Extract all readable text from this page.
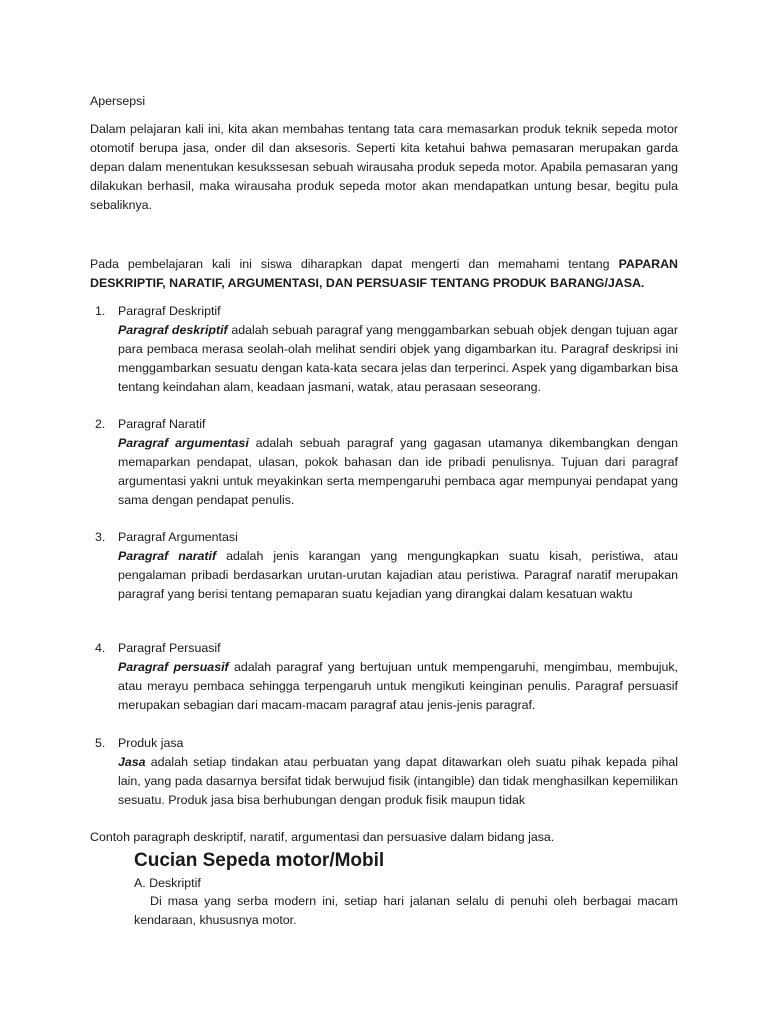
Apersepsi

Dalam pelajaran kali ini, kita akan membahas tentang tata cara memasarkan produk teknik sepeda motor otomotif berupa jasa, onder dil dan aksesoris. Seperti kita ketahui bahwa pemasaran merupakan garda depan dalam menentukan kesukssesan sebuah wirausaha produk sepeda motor. Apabila pemasaran yang dilakukan berhasil, maka wirausaha produk sepeda motor akan mendapatkan untung besar, begitu pula sebaliknya.

Pada pembelajaran kali ini siswa diharapkan dapat mengerti dan memahami tentang PAPARAN DESKRIPTIF, NARATIF, ARGUMENTASI, DAN PERSUASIF TENTANG PRODUK BARANG/JASA.

1.	Paragraf Deskriptif

Paragraf deskriptif adalah sebuah paragraf yang menggambarkan sebuah objek dengan tujuan agar para pembaca merasa seolah-olah melihat sendiri objek yang digambarkan itu. Paragraf deskripsi ini menggambarkan sesuatu dengan kata-kata secara jelas dan terperinci. Aspek yang digambarkan bisa tentang keindahan alam, keadaan jasmani, watak, atau perasaan seseorang.

2.	Paragraf Naratif

Paragraf argumentasi adalah sebuah paragraf yang gagasan utamanya dikembangkan dengan memaparkan pendapat, ulasan, pokok bahasan dan ide pribadi penulisnya. Tujuan dari paragraf argumentasi yakni untuk meyakinkan serta mempengaruhi pembaca agar mempunyai pendapat yang sama dengan pendapat penulis.

3.	Paragraf Argumentasi

Paragraf naratif adalah jenis karangan yang mengungkapkan suatu kisah, peristiwa, atau pengalaman pribadi berdasarkan urutan-urutan kajadian atau peristiwa. Paragraf naratif merupakan paragraf yang berisi tentang pemaparan suatu kejadian yang dirangkai dalam kesatuan waktu

4.	Paragraf Persuasif

Paragraf persuasif adalah paragraf yang bertujuan untuk mempengaruhi, mengimbau, membujuk, atau merayu pembaca sehingga terpengaruh untuk mengikuti keinginan penulis. Paragraf persuasif merupakan sebagian dari macam-macam paragraf atau jenis-jenis paragraf.

5.	Produk jasa

Jasa adalah setiap tindakan atau perbuatan yang dapat ditawarkan oleh suatu pihak kepada pihal lain, yang pada dasarnya bersifat tidak berwujud fisik (intangible) dan tidak menghasilkan kepemilikan sesuatu. Produk jasa bisa berhubungan dengan produk fisik maupun tidak

Contoh paragraph deskriptif, naratif, argumentasi dan persuasive dalam bidang jasa.

Cucian Sepeda motor/Mobil

A. Deskriptif

Di masa yang serba modern ini, setiap hari jalanan selalu di penuhi oleh berbagai macam kendaraan, khususnya motor.
